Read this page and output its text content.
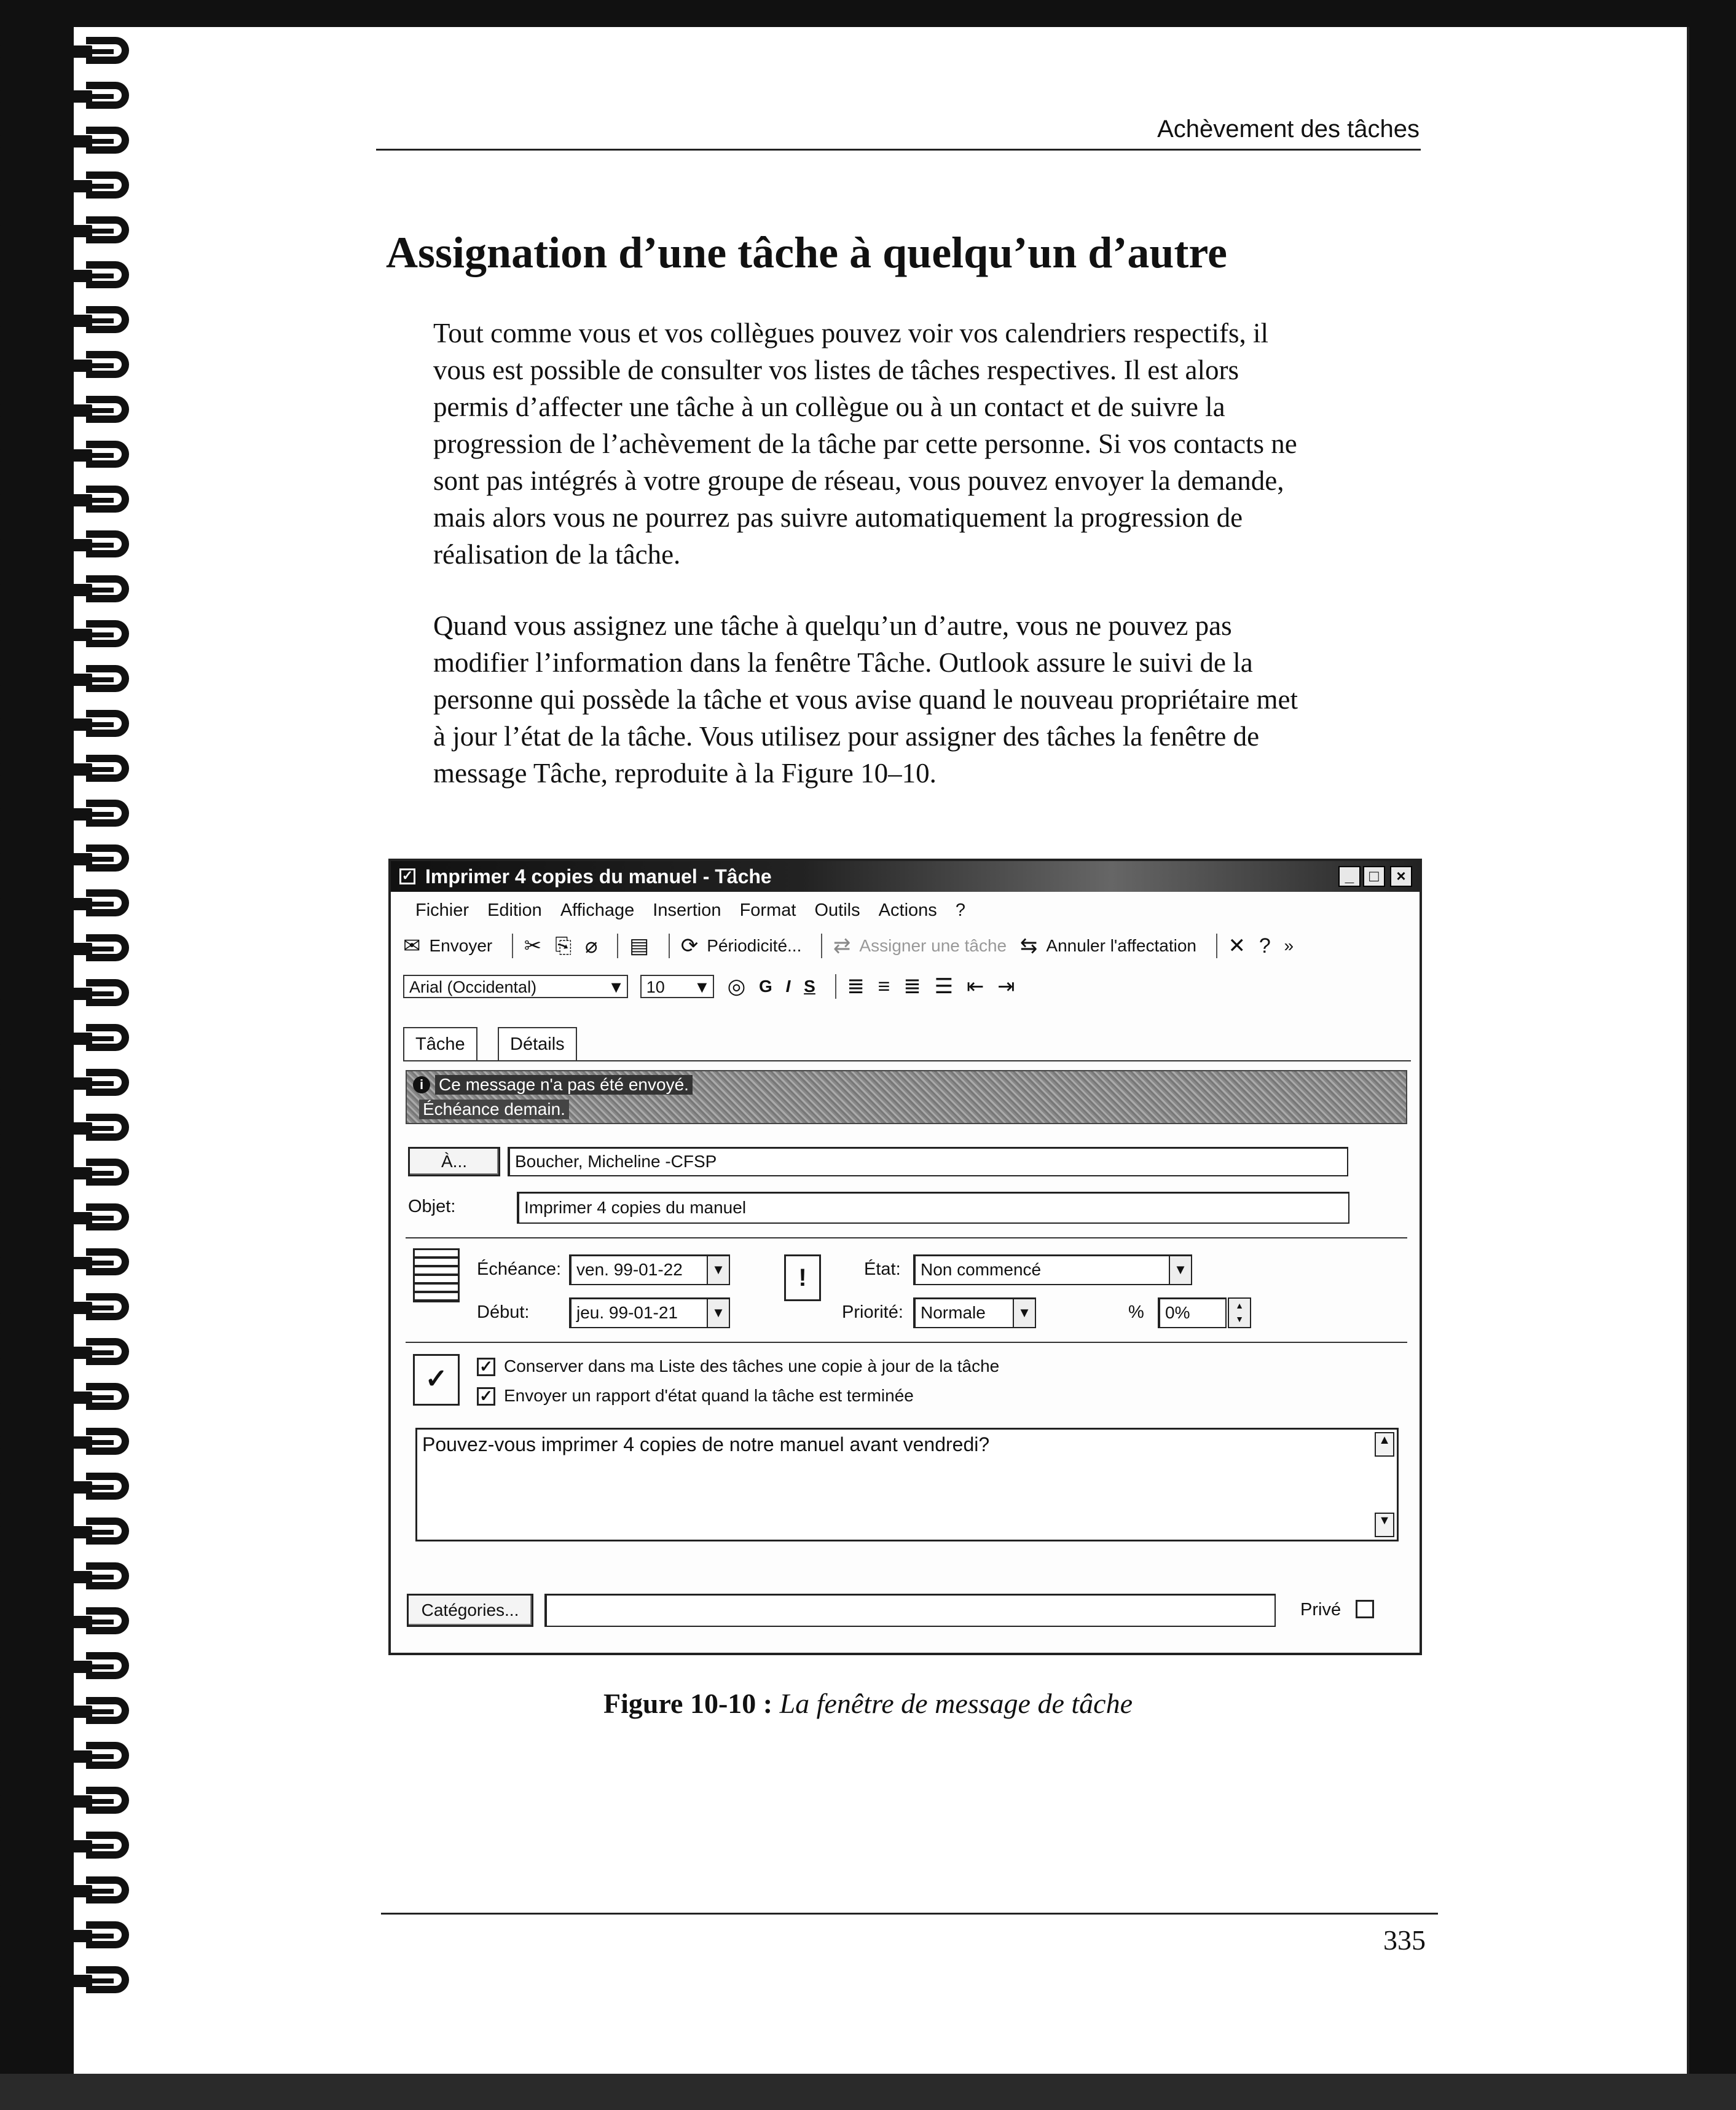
Achèvement des tâches
Assignation d’une tâche à quelqu’un d’autre
Tout comme vous et vos collègues pouvez voir vos calendriers respectifs, il
vous est possible de consulter vos listes de tâches respectives. Il est alors
permis d’affecter une tâche à un collègue ou à un contact et de suivre la
progression de l’achèvement de la tâche par cette personne. Si vos contacts ne
sont pas intégrés à votre groupe de réseau, vous pouvez envoyer la demande,
mais alors vous ne pourrez pas suivre automatiquement la progression de
réalisation de la tâche.
Quand vous assignez une tâche à quelqu’un d’autre, vous ne pouvez pas
modifier l’information dans la fenêtre Tâche. Outlook assure le suivi de la
personne qui possède la tâche et vous avise quand le nouveau propriétaire met
à jour l’état de la tâche. Vous utilisez pour assigner des tâches la fenêtre de
message Tâche, reproduite à la Figure 10–10.
✓ Imprimer 4 copies du manuel - Tâche	_ □	×
Fichier Edition Affichage Insertion Format Outils Actions ?
✉ Envoyer ✂ ⎘ ⌀ ▤ ⟳ Périodicité... ⇄ Assigner une tâche ⇆ Annuler l'affectation ✕ ? »
Arial (Occidental)	▼ 10 ▼ ◎ G I S ≣ ≡ ≣ ☰ ⇤ ⇥
Tâche	Détails
i Ce message n'a pas été envoyé.
Échéance demain.
À...	Boucher, Micheline -CFSP
Objet:	Imprimer 4 copies du manuel
Échéance: ven. 99-01-22	▼
Début:	jeu. 99-01-21	▼
!	État:	Non commencé	▼
Priorité:	Normale	▼	%	0%	▲
▼
✓	✓ Conserver dans ma Liste des tâches une copie à jour de la tâche
✓ Envoyer un rapport d'état quand la tâche est terminée
Pouvez-vous imprimer 4 copies de notre manuel avant vendredi?	▲
▼
Catégories...	Privé
Figure 10-10 : La fenêtre de message de tâche
335
